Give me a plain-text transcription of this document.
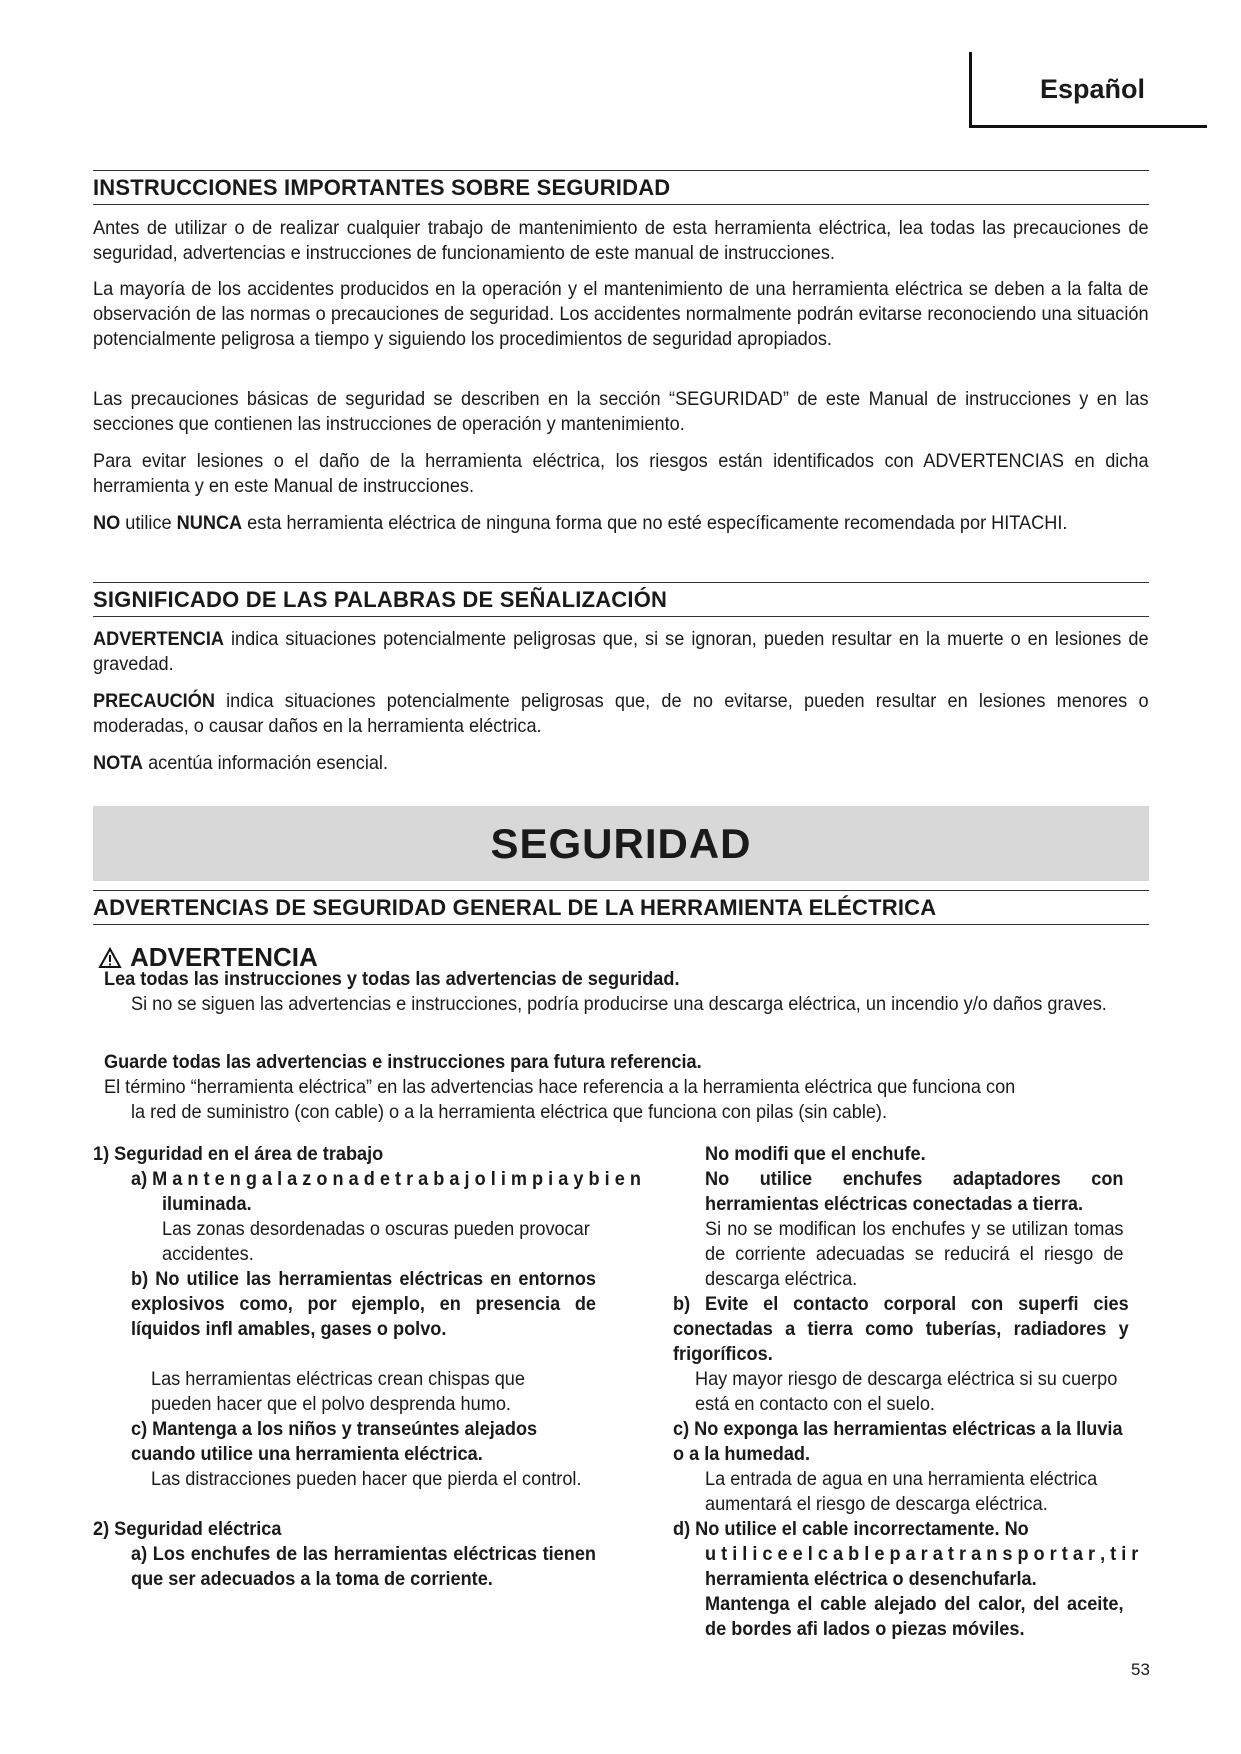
Español
INSTRUCCIONES IMPORTANTES SOBRE SEGURIDAD
Antes de utilizar o de realizar cualquier trabajo de mantenimiento de esta herramienta eléctrica, lea todas las precauciones de seguridad, advertencias e instrucciones de funcionamiento de este manual de instrucciones.
La mayoría de los accidentes producidos en la operación y el mantenimiento de una herramienta eléctrica se deben a la falta de observación de las normas o precauciones de seguridad. Los accidentes normalmente podrán evitarse reconociendo una situación potencialmente peligrosa a tiempo y siguiendo los procedimientos de seguridad apropiados.
Las precauciones básicas de seguridad se describen en la sección “SEGURIDAD” de este Manual de instrucciones y en las secciones que contienen las instrucciones de operación y mantenimiento.
Para evitar lesiones o el daño de la herramienta eléctrica, los riesgos están identificados con ADVERTENCIAS en dicha herramienta y en este Manual de instrucciones.
NO utilice NUNCA esta herramienta eléctrica de ninguna forma que no esté específicamente recomendada por HITACHI.
SIGNIFICADO DE LAS PALABRAS DE SEÑALIZACIÓN
ADVERTENCIA indica situaciones potencialmente peligrosas que, si se ignoran, pueden resultar en la muerte o en lesiones de gravedad.
PRECAUCIÓN indica situaciones potencialmente peligrosas que, de no evitarse, pueden resultar en lesiones menores o moderadas, o causar daños en la herramienta eléctrica.
NOTA acentúa información esencial.
SEGURIDAD
ADVERTENCIAS DE SEGURIDAD GENERAL DE LA HERRAMIENTA ELÉCTRICA
ADVERTENCIA
Lea todas las instrucciones y todas las advertencias de seguridad.
Si no se siguen las advertencias e instrucciones, podría producirse una descarga eléctrica, un incendio y/o daños graves.
Guarde todas las advertencias e instrucciones para futura referencia.
El término “herramienta eléctrica” en las advertencias hace referencia a la herramienta eléctrica que funciona con
la red de suministro (con cable) o a la herramienta eléctrica que funciona con pilas (sin cable).
1) Seguridad en el área de trabajo
a) M a n t e n g a l a z o n a d e t r a b a j o l i m p i a y b i e n
iluminada.
Las zonas desordenadas o oscuras pueden provocar accidentes.
b) No utilice las herramientas eléctricas en entornos explosivos como, por ejemplo, en presencia de líquidos infl amables, gases o polvo.
Las herramientas eléctricas crean chispas que pueden hacer que el polvo desprenda humo.
c) Mantenga a los niños y transeúntes alejados cuando utilice una herramienta eléctrica.
Las distracciones pueden hacer que pierda el control.
2) Seguridad eléctrica
a) Los enchufes de las herramientas eléctricas tienen que ser adecuados a la toma de corriente.
No modifi que el enchufe.
No utilice enchufes adaptadores con herramientas eléctricas conectadas a tierra.
Si no se modifican los enchufes y se utilizan tomas de corriente adecuadas se reducirá el riesgo de descarga eléctrica.
b) Evite el contacto corporal con superfi cies conectadas a tierra como tuberías, radiadores y frigoríficos.
Hay mayor riesgo de descarga eléctrica si su cuerpo está en contacto con el suelo.
c) No exponga las herramientas eléctricas a la lluvia o a la humedad.
La entrada de agua en una herramienta eléctrica aumentará el riesgo de descarga eléctrica.
d) No utilice el cable incorrectamente. No
u t i l i c e e l c a b l e p a r a t r a n s p o r t a r , t i r
herramienta eléctrica o desenchufarla.
Mantenga el cable alejado del calor, del aceite, de bordes afi lados o piezas móviles.
53
